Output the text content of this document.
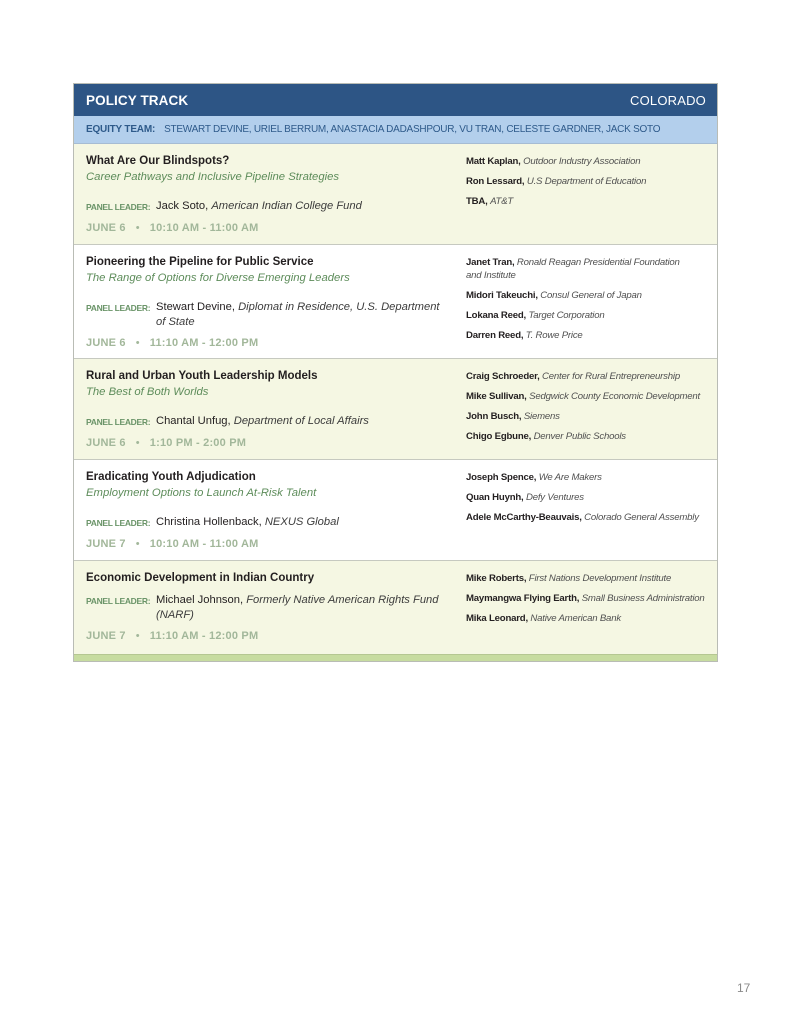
POLICY TRACK	COLORADO
EQUITY TEAM: STEWART DEVINE, URIEL BERRUM, ANASTACIA DADASHPOUR, VU TRAN, CELESTE GARDNER, JACK SOTO
What Are Our Blindspots?
Career Pathways and Inclusive Pipeline Strategies
PANEL LEADER: Jack Soto, American Indian College Fund
JUNE 6 • 10:10 AM - 11:00 AM
Matt Kaplan, Outdoor Industry Association
Ron Lessard, U.S Department of Education
TBA, AT&T
Pioneering the Pipeline for Public Service
The Range of Options for Diverse Emerging Leaders
PANEL LEADER: Stewart Devine, Diplomat in Residence, U.S. Department of State
JUNE 6 • 11:10 AM - 12:00 PM
Janet Tran, Ronald Reagan Presidential Foundation and Institute
Midori Takeuchi, Consul General of Japan
Lokana Reed, Target Corporation
Darren Reed, T. Rowe Price
Rural and Urban Youth Leadership Models
The Best of Both Worlds
PANEL LEADER: Chantal Unfug, Department of Local Affairs
JUNE 6 • 1:10 PM - 2:00 PM
Craig Schroeder, Center for Rural Entrepreneurship
Mike Sullivan, Sedgwick County Economic Development
John Busch, Siemens
Chigo Egbune, Denver Public Schools
Eradicating Youth Adjudication
Employment Options to Launch At-Risk Talent
PANEL LEADER: Christina Hollenback, NEXUS Global
JUNE 7 • 10:10 AM - 11:00 AM
Joseph Spence, We Are Makers
Quan Huynh, Defy Ventures
Adele McCarthy-Beauvais, Colorado General Assembly
Economic Development in Indian Country
PANEL LEADER: Michael Johnson, Formerly Native American Rights Fund (NARF)
JUNE 7 • 11:10 AM - 12:00 PM
Mike Roberts, First Nations Development Institute
Maymangwa Flying Earth, Small Business Administration
Mika Leonard, Native American Bank
17
